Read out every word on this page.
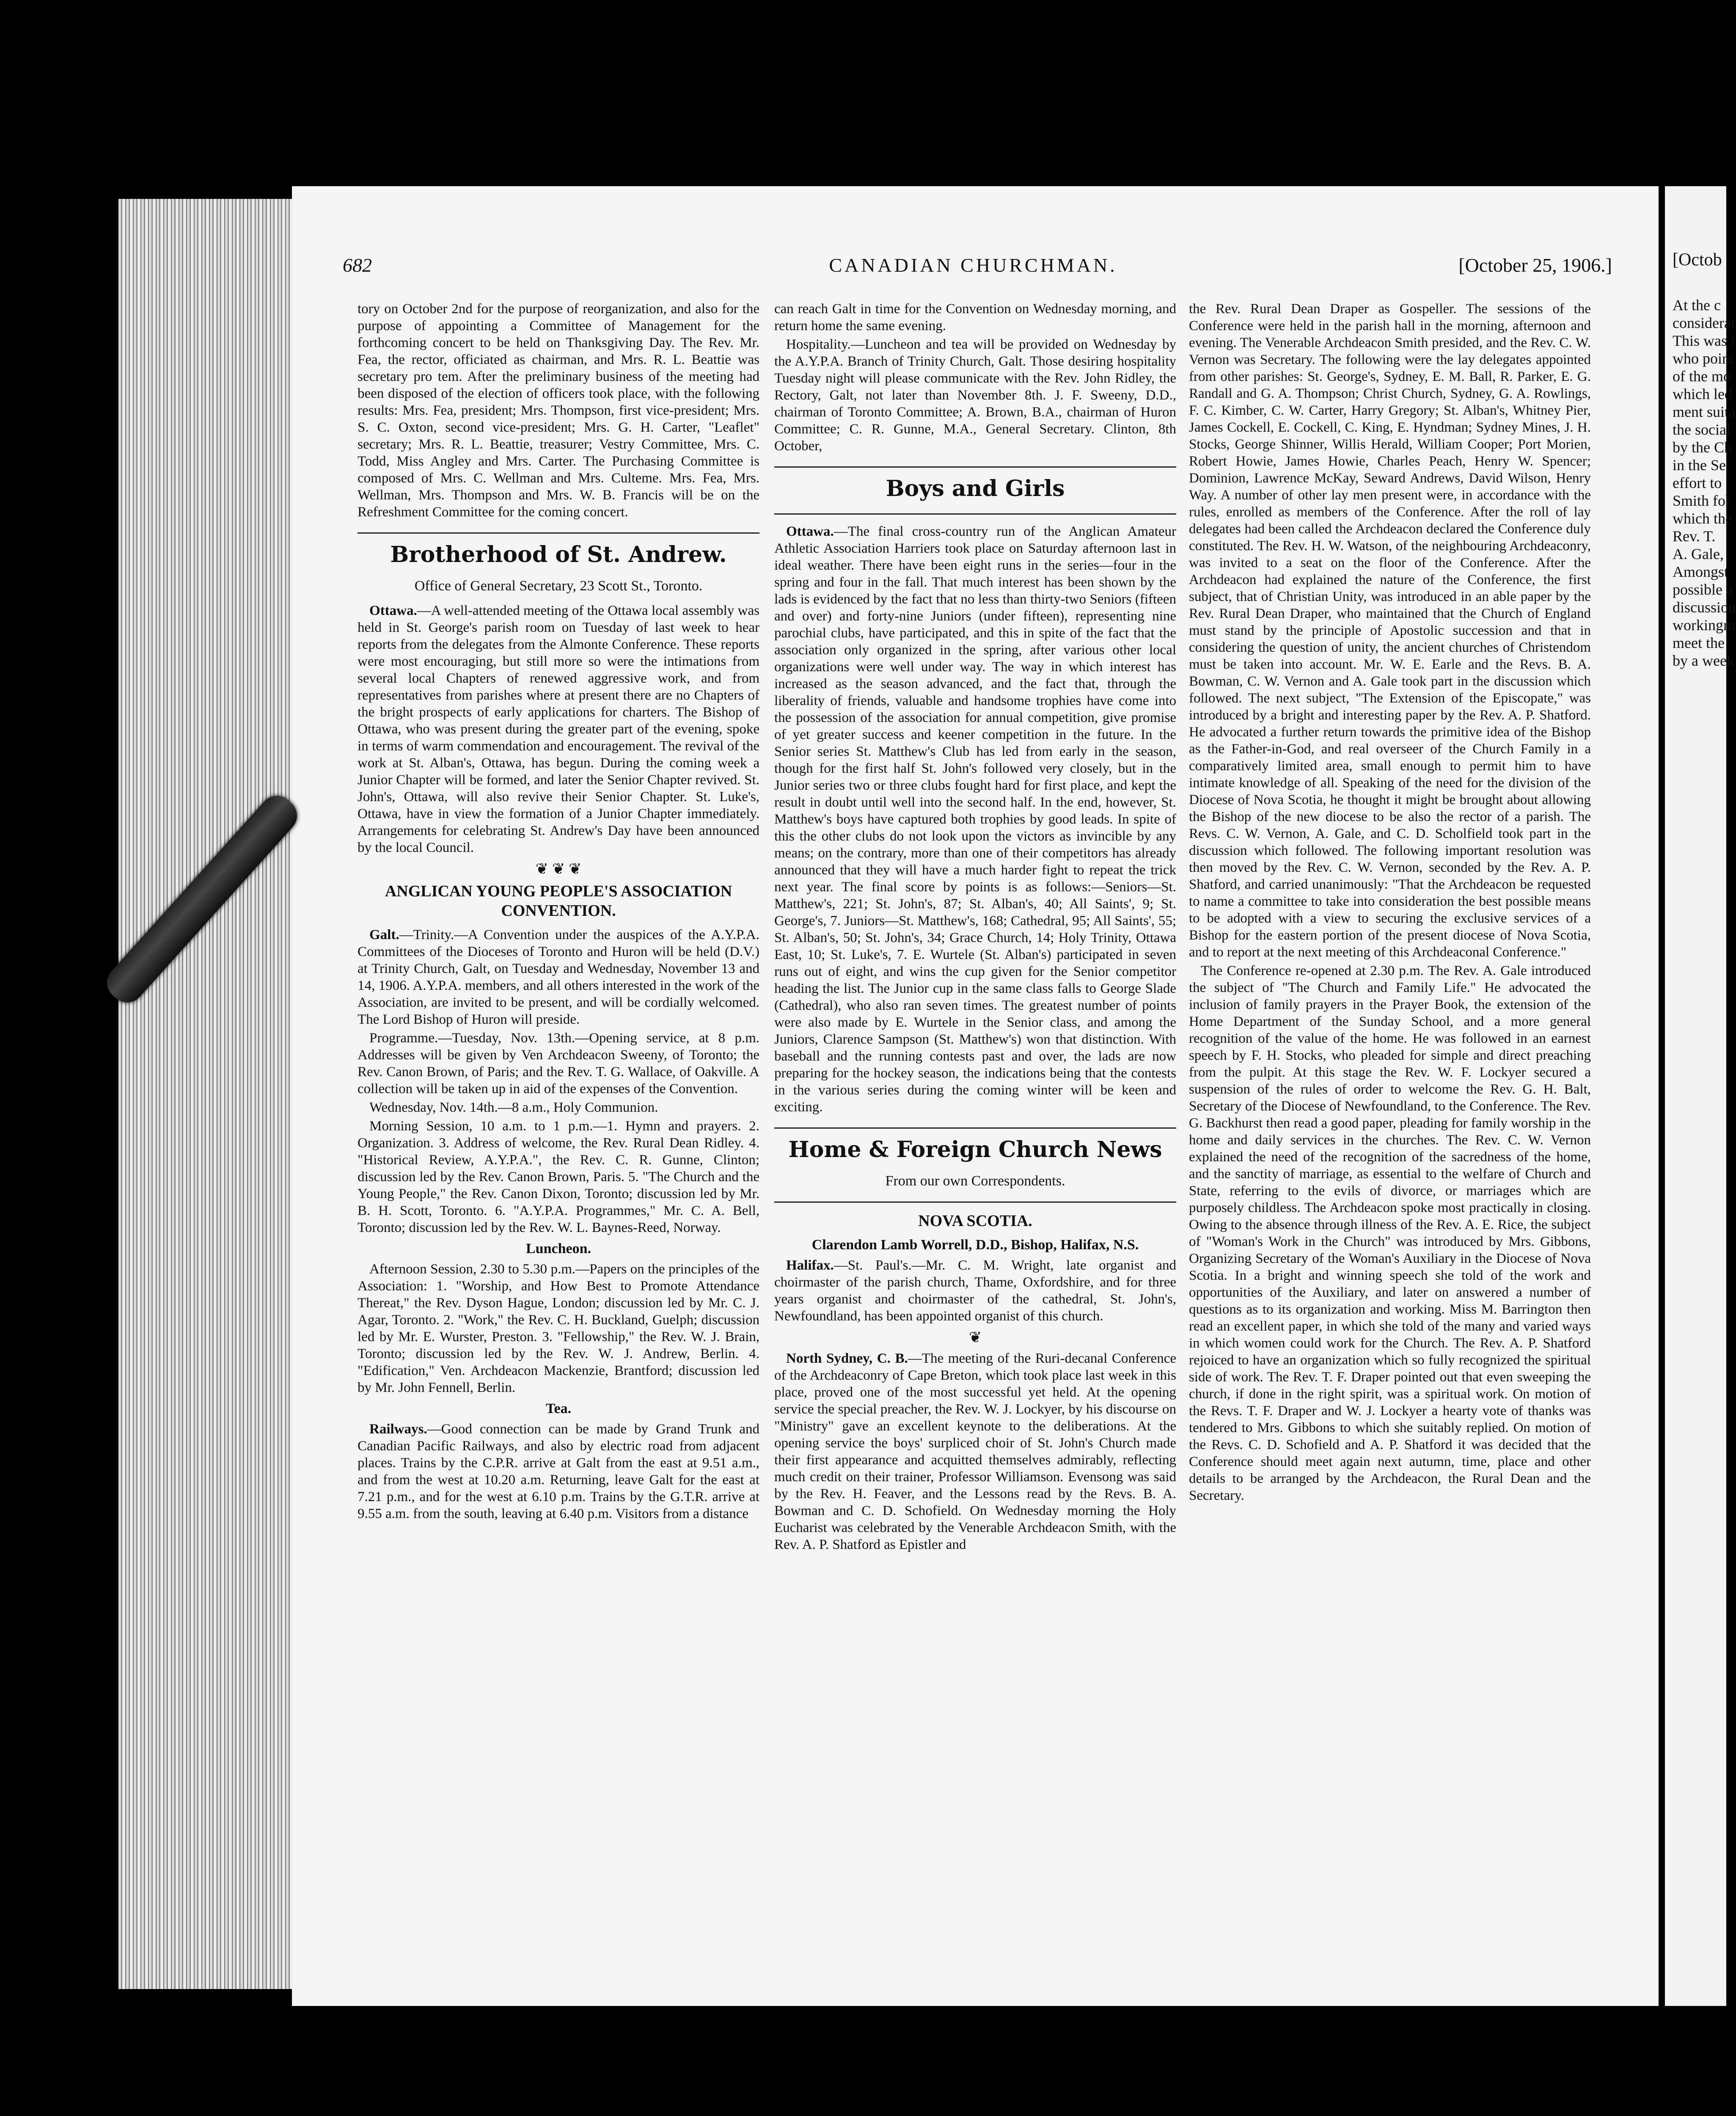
682	CANADIAN CHURCHMAN.	[October 25, 1906.]

tory on October 2nd for the purpose of reorganization, and also for the purpose of appointing a Committee of Management for the forthcoming concert to be held on Thanksgiving Day. The Rev. Mr. Fea, the rector, officiated as chairman, and Mrs. R. L. Beattie was secretary pro tem. After the preliminary business of the meeting had been disposed of the election of officers took place, with the following results: Mrs. Fea, president; Mrs. Thompson, first vice-president; Mrs. S. C. Oxton, second vice-president; Mrs. G. H. Carter, "Leaflet" secretary; Mrs. R. L. Beattie, treasurer; Vestry Committee, Mrs. C. Todd, Miss Angley and Mrs. Carter. The Purchasing Committee is composed of Mrs. C. Wellman and Mrs. Culteme. Mrs. Fea, Mrs. Wellman, Mrs. Thompson and Mrs. W. B. Francis will be on the Refreshment Committee for the coming concert.

Brotherhood of St. Andrew.
Office of General Secretary, 23 Scott St., Toronto.

Ottawa.—A well-attended meeting of the Ottawa local assembly was held in St. George's parish room on Tuesday of last week to hear reports from the delegates from the Almonte Conference. These reports were most encouraging, but still more so were the intimations from several local Chapters of renewed aggressive work, and from representatives from parishes where at present there are no Chapters of the bright prospects of early applications for charters. The Bishop of Ottawa, who was present during the greater part of the evening, spoke in terms of warm commendation and encouragement. The revival of the work at St. Alban's, Ottawa, has begun. During the coming week a Junior Chapter will be formed, and later the Senior Chapter revived. St. John's, Ottawa, will also revive their Senior Chapter. St. Luke's, Ottawa, have in view the formation of a Junior Chapter immediately. Arrangements for celebrating St. Andrew's Day have been announced by the local Council.

❦ ❦ ❦
ANGLICAN YOUNG PEOPLE'S ASSOCIATION CONVENTION.

Galt.—Trinity.—A Convention under the auspices of the A.Y.P.A. Committees of the Dioceses of Toronto and Huron will be held (D.V.) at Trinity Church, Galt, on Tuesday and Wednesday, November 13 and 14, 1906. A.Y.P.A. members, and all others interested in the work of the Association, are invited to be present, and will be cordially welcomed. The Lord Bishop of Huron will preside.

Programme.—Tuesday, Nov. 13th.—Opening service, at 8 p.m. Addresses will be given by Ven Archdeacon Sweeny, of Toronto; the Rev. Canon Brown, of Paris; and the Rev. T. G. Wallace, of Oakville. A collection will be taken up in aid of the expenses of the Convention.

Wednesday, Nov. 14th.—8 a.m., Holy Communion.

Morning Session, 10 a.m. to 1 p.m.—1. Hymn and prayers. 2. Organization. 3. Address of welcome, the Rev. Rural Dean Ridley. 4. "Historical Review, A.Y.P.A.", the Rev. C. R. Gunne, Clinton; discussion led by the Rev. Canon Brown, Paris. 5. "The Church and the Young People," the Rev. Canon Dixon, Toronto; discussion led by Mr. B. H. Scott, Toronto. 6. "A.Y.P.A. Programmes," Mr. C. A. Bell, Toronto; discussion led by the Rev. W. L. Baynes-Reed, Norway.

Luncheon.

Afternoon Session, 2.30 to 5.30 p.m.—Papers on the principles of the Association: 1. "Worship, and How Best to Promote Attendance Thereat," the Rev. Dyson Hague, London; discussion led by Mr. C. J. Agar, Toronto. 2. "Work," the Rev. C. H. Buckland, Guelph; discussion led by Mr. E. Wurster, Preston. 3. "Fellowship," the Rev. W. J. Brain, Toronto; discussion led by the Rev. W. J. Andrew, Berlin. 4. "Edification," Ven. Archdeacon Mackenzie, Brantford; discussion led by Mr. John Fennell, Berlin.

Tea.

Railways.—Good connection can be made by Grand Trunk and Canadian Pacific Railways, and also by electric road from adjacent places. Trains by the C.P.R. arrive at Galt from the east at 9.51 a.m., and from the west at 10.20 a.m. Returning, leave Galt for the east at 7.21 p.m., and for the west at 6.10 p.m. Trains by the G.T.R. arrive at 9.55 a.m. from the south, leaving at 6.40 p.m. Visitors from a distance

can reach Galt in time for the Convention on Wednesday morning, and return home the same evening.

Hospitality.—Luncheon and tea will be provided on Wednesday by the A.Y.P.A. Branch of Trinity Church, Galt. Those desiring hospitality Tuesday night will please communicate with the Rev. John Ridley, the Rectory, Galt, not later than November 8th. J. F. Sweeny, D.D., chairman of Toronto Committee; A. Brown, B.A., chairman of Huron Committee; C. R. Gunne, M.A., General Secretary. Clinton, 8th October,

Boys and Girls

Ottawa.—The final cross-country run of the Anglican Amateur Athletic Association Harriers took place on Saturday afternoon last in ideal weather. There have been eight runs in the series—four in the spring and four in the fall. That much interest has been shown by the lads is evidenced by the fact that no less than thirty-two Seniors (fifteen and over) and forty-nine Juniors (under fifteen), representing nine parochial clubs, have participated, and this in spite of the fact that the association only organized in the spring, after various other local organizations were well under way. The way in which interest has increased as the season advanced, and the fact that, through the liberality of friends, valuable and handsome trophies have come into the possession of the association for annual competition, give promise of yet greater success and keener competition in the future. In the Senior series St. Matthew's Club has led from early in the season, though for the first half St. John's followed very closely, but in the Junior series two or three clubs fought hard for first place, and kept the result in doubt until well into the second half. In the end, however, St. Matthew's boys have captured both trophies by good leads. In spite of this the other clubs do not look upon the victors as invincible by any means; on the contrary, more than one of their competitors has already announced that they will have a much harder fight to repeat the trick next year. The final score by points is as follows:—Seniors—St. Matthew's, 221; St. John's, 87; St. Alban's, 40; All Saints', 9; St. George's, 7. Juniors—St. Matthew's, 168; Cathedral, 95; All Saints', 55; St. Alban's, 50; St. John's, 34; Grace Church, 14; Holy Trinity, Ottawa East, 10; St. Luke's, 7. E. Wurtele (St. Alban's) participated in seven runs out of eight, and wins the cup given for the Senior competitor heading the list. The Junior cup in the same class falls to George Slade (Cathedral), who also ran seven times. The greatest number of points were also made by E. Wurtele in the Senior class, and among the Juniors, Clarence Sampson (St. Matthew's) won that distinction. With baseball and the running contests past and over, the lads are now preparing for the hockey season, the indications being that the contests in the various series during the coming winter will be keen and exciting.

Home & Foreign Church News
From our own Correspondents.
NOVA SCOTIA.
Clarendon Lamb Worrell, D.D., Bishop, Halifax, N.S.

Halifax.—St. Paul's.—Mr. C. M. Wright, late organist and choirmaster of the parish church, Thame, Oxfordshire, and for three years organist and choirmaster of the cathedral, St. John's, Newfoundland, has been appointed organist of this church.

❦

North Sydney, C. B.—The meeting of the Ruri-decanal Conference of the Archdeaconry of Cape Breton, which took place last week in this place, proved one of the most successful yet held. At the opening service the special preacher, the Rev. W. J. Lockyer, by his discourse on "Ministry" gave an excellent keynote to the deliberations. At the opening service the boys' surpliced choir of St. John's Church made their first appearance and acquitted themselves admirably, reflecting much credit on their trainer, Professor Williamson. Evensong was said by the Rev. H. Feaver, and the Lessons read by the Revs. B. A. Bowman and C. D. Schofield. On Wednesday morning the Holy Eucharist was celebrated by the Venerable Archdeacon Smith, with the Rev. A. P. Shatford as Epistler and

the Rev. Rural Dean Draper as Gospeller. The sessions of the Conference were held in the parish hall in the morning, afternoon and evening. The Venerable Archdeacon Smith presided, and the Rev. C. W. Vernon was Secretary. The following were the lay delegates appointed from other parishes: St. George's, Sydney, E. M. Ball, R. Parker, E. G. Randall and G. A. Thompson; Christ Church, Sydney, G. A. Rowlings, F. C. Kimber, C. W. Carter, Harry Gregory; St. Alban's, Whitney Pier, James Cockell, E. Cockell, C. King, E. Hyndman; Sydney Mines, J. H. Stocks, George Shinner, Willis Herald, William Cooper; Port Morien, Robert Howie, James Howie, Charles Peach, Henry W. Spencer; Dominion, Lawrence McKay, Seward Andrews, David Wilson, Henry Way. A number of other lay men present were, in accordance with the rules, enrolled as members of the Conference. After the roll of lay delegates had been called the Archdeacon declared the Conference duly constituted. The Rev. H. W. Watson, of the neighbouring Archdeaconry, was invited to a seat on the floor of the Conference. After the Archdeacon had explained the nature of the Conference, the first subject, that of Christian Unity, was introduced in an able paper by the Rev. Rural Dean Draper, who maintained that the Church of England must stand by the principle of Apostolic succession and that in considering the question of unity, the ancient churches of Christendom must be taken into account. Mr. W. E. Earle and the Revs. B. A. Bowman, C. W. Vernon and A. Gale took part in the discussion which followed. The next subject, "The Extension of the Episcopate," was introduced by a bright and interesting paper by the Rev. A. P. Shatford. He advocated a further return towards the primitive idea of the Bishop as the Father-in-God, and real overseer of the Church Family in a comparatively limited area, small enough to permit him to have intimate knowledge of all. Speaking of the need for the division of the Diocese of Nova Scotia, he thought it might be brought about allowing the Bishop of the new diocese to be also the rector of a parish. The Revs. C. W. Vernon, A. Gale, and C. D. Scholfield took part in the discussion which followed. The following important resolution was then moved by the Rev. C. W. Vernon, seconded by the Rev. A. P. Shatford, and carried unanimously: "That the Archdeacon be requested to name a committee to take into consideration the best possible means to be adopted with a view to securing the exclusive services of a Bishop for the eastern portion of the present diocese of Nova Scotia, and to report at the next meeting of this Archdeaconal Conference."

The Conference re-opened at 2.30 p.m. The Rev. A. Gale introduced the subject of "The Church and Family Life." He advocated the inclusion of family prayers in the Prayer Book, the extension of the Home Department of the Sunday School, and a more general recognition of the value of the home. He was followed in an earnest speech by F. H. Stocks, who pleaded for simple and direct preaching from the pulpit. At this stage the Rev. W. F. Lockyer secured a suspension of the rules of order to welcome the Rev. G. H. Balt, Secretary of the Diocese of Newfoundland, to the Conference. The Rev. G. Backhurst then read a good paper, pleading for family worship in the home and daily services in the churches. The Rev. C. W. Vernon explained the need of the recognition of the sacredness of the home, and the sanctity of marriage, as essential to the welfare of Church and State, referring to the evils of divorce, or marriages which are purposely childless. The Archdeacon spoke most practically in closing. Owing to the absence through illness of the Rev. A. E. Rice, the subject of "Woman's Work in the Church" was introduced by Mrs. Gibbons, Organizing Secretary of the Woman's Auxiliary in the Diocese of Nova Scotia. In a bright and winning speech she told of the work and opportunities of the Auxiliary, and later on answered a number of questions as to its organization and working. Miss M. Barrington then read an excellent paper, in which she told of the many and varied ways in which women could work for the Church. The Rev. A. P. Shatford rejoiced to have an organization which so fully recognized the spiritual side of work. The Rev. T. F. Draper pointed out that even sweeping the church, if done in the right spirit, was a spiritual work. On motion of the Revs. T. F. Draper and W. J. Lockyer a hearty vote of thanks was tendered to Mrs. Gibbons to which she suitably replied. On motion of the Revs. C. D. Schofield and A. P. Shatford it was decided that the Conference should meet again next autumn, time, place and other details to be arranged by the Archdeacon, the Rural Dean and the Secretary.

[Octob
At the c
considerat
This was i
who point
of the mo
which led
ment suita
the social
by the Ch
in the Se
effort to
Smith fol
which the
Rev. T.
A. Gale,
Amongst
possible a
discussion
workingm
meet the
by a week
